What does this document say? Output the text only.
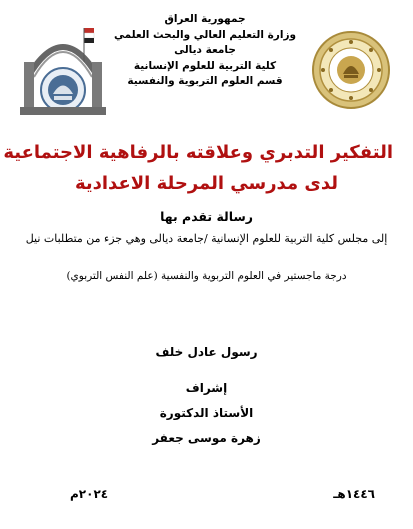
جمهورية العراق
وزارة التعليم العالي والبحث العلمي
جامعة ديالى
كلية التربية للعلوم الإنسانية
قسم العلوم التربوية والنفسية
التفكير التدبري وعلاقته بالرفاهية الاجتماعية
لدى مدرسي المرحلة الاعدادية
رسالة تقدم بها
إلى مجلس كلية التربية للعلوم الإنسانية /جامعة ديالى وهي جزء من متطلبات نيل
درجة ماجستير في العلوم التربوية والنفسية (علم النفس التربوي)
رسول عادل خلف
إشراف
الأستاذ الدكتورة
زهرة موسى جعفر
١٤٤٦هـ
٢٠٢٤م
